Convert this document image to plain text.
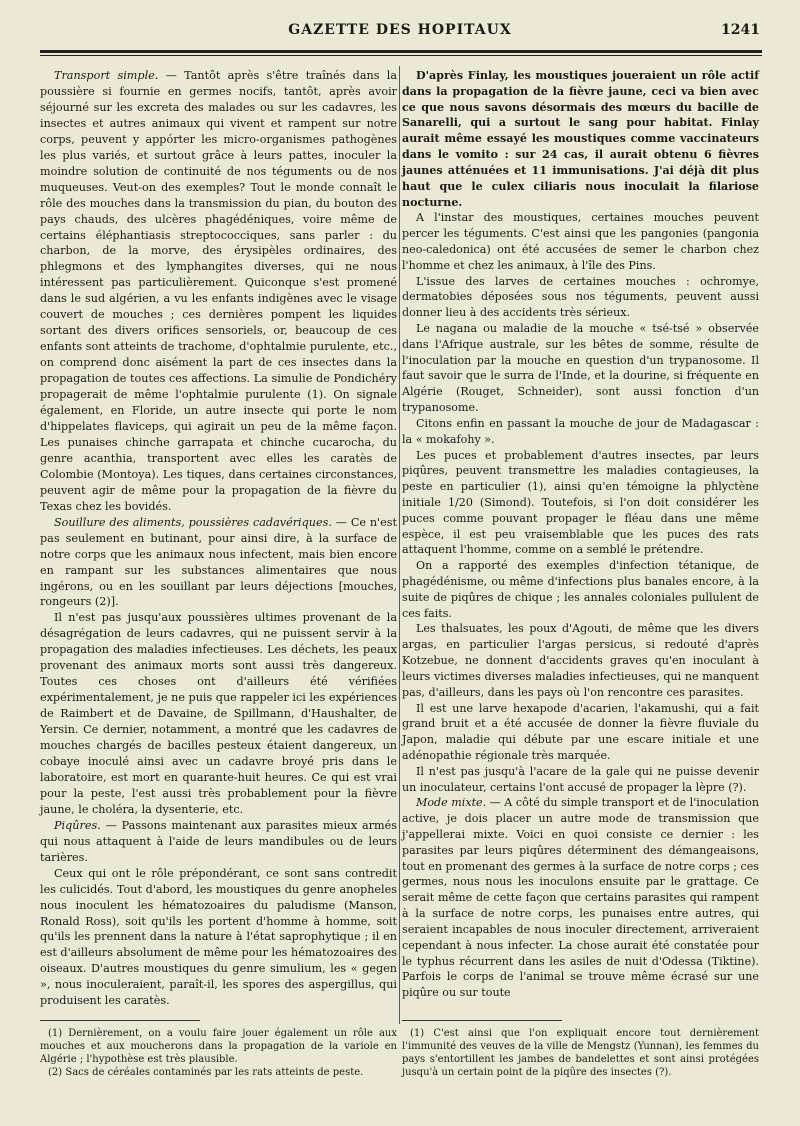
GAZETTE DES HOPITAUX	1241

Transport simple. — Tantôt après s'être traînés dans la poussière si fournie en germes nocifs, tantôt, après avoir séjourné sur les excreta des malades ou sur les cadavres, les insectes et autres animaux qui vivent et rampent sur notre corps, peuvent y appórter les micro-organismes pathogènes les plus variés, et surtout grâce à leurs pattes, inoculer la moindre solution de continuité de nos téguments ou de nos muqueuses. Veut-on des exemples? Tout le monde connaît le rôle des mouches dans la transmission du pian, du bouton des pays chauds, des ulcères phagédéniques, voire même de certains éléphantiasis streptococciques, sans parler : du charbon, de la morve, des érysipèles ordinaires, des phlegmons et des lymphangites diverses, qui ne nous intéressent pas particulièrement. Quiconque s'est promené dans le sud algérien, a vu les enfants indigènes avec le visage couvert de mouches ; ces dernières pompent les liquides sortant des divers orifices sensoriels, or, beaucoup de ces enfants sont atteints de trachome, d'ophtalmie purulente, etc., on comprend donc aisément la part de ces insectes dans la propagation de toutes ces affections. La simulie de Pondichéry propagerait de même l'ophtalmie purulente (1). On signale également, en Floride, un autre insecte qui porte le nom d'hippelates flaviceps, qui agirait un peu de la même façon. Les punaises chinche garrapata et chinche cucarocha, du genre acanthia, transportent avec elles les caratès de Colombie (Montoya). Les tiques, dans certaines circonstances, peuvent agir de même pour la propagation de la fièvre du Texas chez les bovidés.

Souillure des aliments, poussières cadavériques. — Ce n'est pas seulement en butinant, pour ainsi dire, à la surface de notre corps que les animaux nous infectent, mais bien encore en rampant sur les substances alimentaires que nous ingérons, ou en les souillant par leurs déjections [mouches, rongeurs (2)].

Il n'est pas jusqu'aux poussières ultimes provenant de la désagrégation de leurs cadavres, qui ne puissent servir à la propagation des maladies infectieuses. Les déchets, les peaux provenant des animaux morts sont aussi très dangereux. Toutes ces choses ont d'ailleurs été vérifiées expérimentalement, je ne puis que rappeler ici les expériences de Raimbert et de Davaine, de Spillmann, d'Haushalter, de Yersin. Ce dernier, notamment, a montré que les cadavres de mouches chargés de bacilles pesteux étaient dangereux, un cobaye inoculé ainsi avec un cadavre broyé pris dans le laboratoire, est mort en quarante-huit heures. Ce qui est vrai pour la peste, l'est aussi très probablement pour la fièvre jaune, le choléra, la dysenterie, etc.

Piqûres. — Passons maintenant aux parasites mieux armés qui nous attaquent à l'aide de leurs mandibules ou de leurs tarières.

Ceux qui ont le rôle prépondérant, ce sont sans contredit les culicidés. Tout d'abord, les moustiques du genre anopheles nous inoculent les hématozoaires du paludisme (Manson, Ronald Ross), soit qu'ils les portent d'homme à homme, soit qu'ils les prennent dans la nature à l'état saprophytique ; il en est d'ailleurs absolument de même pour les hématozoaires des oiseaux. D'autres moustiques du genre simulium, les « gegen », nous inoculeraient, paraît-il, les spores des aspergillus, qui produisent les caratès.

D'après Finlay, les moustiques joueraient un rôle actif dans la propagation de la fièvre jaune, ceci va bien avec ce que nous savons désormais des mœurs du bacille de Sanarelli, qui a surtout le sang pour habitat. Finlay aurait même essayé les moustiques comme vaccinateurs dans le vomito : sur 24 cas, il aurait obtenu 6 fièvres jaunes atténuées et 11 immunisations. J'ai déjà dit plus haut que le culex ciliaris nous inoculait la filariose nocturne.

A l'instar des moustiques, certaines mouches peuvent percer les téguments. C'est ainsi que les pangonies (pangonia neo-caledonica) ont été accusées de semer le charbon chez l'homme et chez les animaux, à l'île des Pins.

L'issue des larves de certaines mouches : ochromye, dermatobies déposées sous nos téguments, peuvent aussi donner lieu à des accidents très sérieux.

Le nagana ou maladie de la mouche « tsé-tsé » observée dans l'Afrique australe, sur les bêtes de somme, résulte de l'inoculation par la mouche en question d'un trypanosome. Il faut savoir que le surra de l'Inde, et la dourine, si fréquente en Algérie (Rouget, Schneider), sont aussi fonction d'un trypanosome.

Citons enfin en passant la mouche de jour de Madagascar : la « mokafohy ».

Les puces et probablement d'autres insectes, par leurs piqûres, peuvent transmettre les maladies contagieuses, la peste en particulier (1), ainsi qu'en témoigne la phlyctène initiale 1/20 (Simond). Toutefois, si l'on doit considérer les puces comme pouvant propager le fléau dans une même espèce, il est peu vraisemblable que les puces des rats attaquent l'homme, comme on a semblé le prétendre.

On a rapporté des exemples d'infection tétanique, de phagédénisme, ou même d'infections plus banales encore, à la suite de piqûres de chique ; les annales coloniales pullulent de ces faits.

Les thalsuates, les poux d'Agouti, de même que les divers argas, en particulier l'argas persicus, si redouté d'après Kotzebue, ne donnent d'accidents graves qu'en inoculant à leurs victimes diverses maladies infectieuses, qui ne manquent pas, d'ailleurs, dans les pays où l'on rencontre ces parasites.

Il est une larve hexapode d'acarien, l'akamushi, qui a fait grand bruit et a été accusée de donner la fièvre fluviale du Japon, maladie qui débute par une escare initiale et une adénopathie régionale très marquée.

Il n'est pas jusqu'à l'acare de la gale qui ne puisse devenir un inoculateur, certains l'ont accusé de propager la lèpre (?).

Mode mixte. — A côté du simple transport et de l'inoculation active, je dois placer un autre mode de transmission que j'appellerai mixte. Voici en quoi consiste ce dernier : les parasites par leurs piqûres déterminent des démangeaisons, tout en promenant des germes à la surface de notre corps ; ces germes, nous nous les inoculons ensuite par le grattage. Ce serait même de cette façon que certains parasites qui rampent à la surface de notre corps, les punaises entre autres, qui seraient incapables de nous inoculer directement, arriveraient cependant à nous infecter. La chose aurait été constatée pour le typhus récurrent dans les asiles de nuit d'Odessa (Tiktine). Parfois le corps de l'animal se trouve même écrasé sur une piqûre ou sur toute

(1) Dernièrement, on a voulu faire jouer également un rôle aux mouches et aux moucherons dans la propagation de la variole en Algérie ; l'hypothèse est très plausible.

(2) Sacs de céréales contaminés par les rats atteints de peste.

(1) C'est ainsi que l'on expliquait encore tout dernièrement l'immunité des veuves de la ville de Mengstz (Yunnan), les femmes du pays s'entortillent les jambes de bandelettes et sont ainsi protégées jusqu'à un certain point de la piqûre des insectes (?).
